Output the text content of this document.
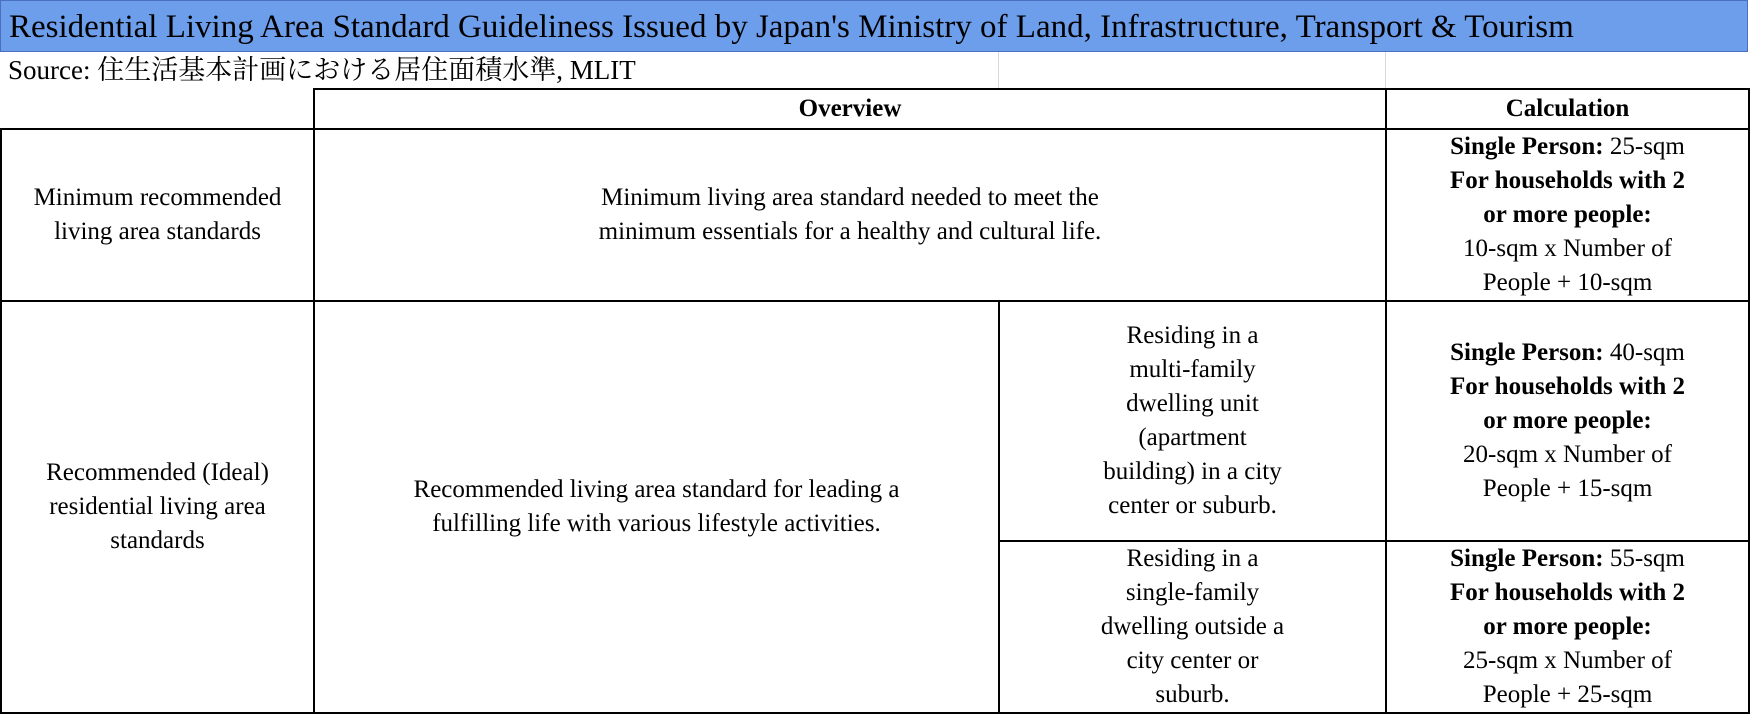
Residential Living Area Standard Guideliness Issued by Japan's Ministry of Land, Infrastructure, Transport & Tourism
Source: 住生活基本計画における居住面積水準, MLIT
	Overview		Calculation
Minimum recommended living area standards	Minimum living area standard needed to meet the minimum essentials for a healthy and cultural life.		Single Person: 25-sqm
For households with 2 or more people:
10-sqm x Number of People + 10-sqm

Recommended (Ideal) residential living area standards	Recommended living area standard for leading a fulfilling life with various lifestyle activities.	Residing in a multi-family dwelling unit (apartment building) in a city center or suburb.	Single Person: 40-sqm
For households with 2 or more people:
20-sqm x Number of People + 15-sqm

		Residing in a single-family dwelling outside a city center or suburb.	Single Person: 55-sqm
For households with 2 or more people:
25-sqm x Number of People + 25-sqm
